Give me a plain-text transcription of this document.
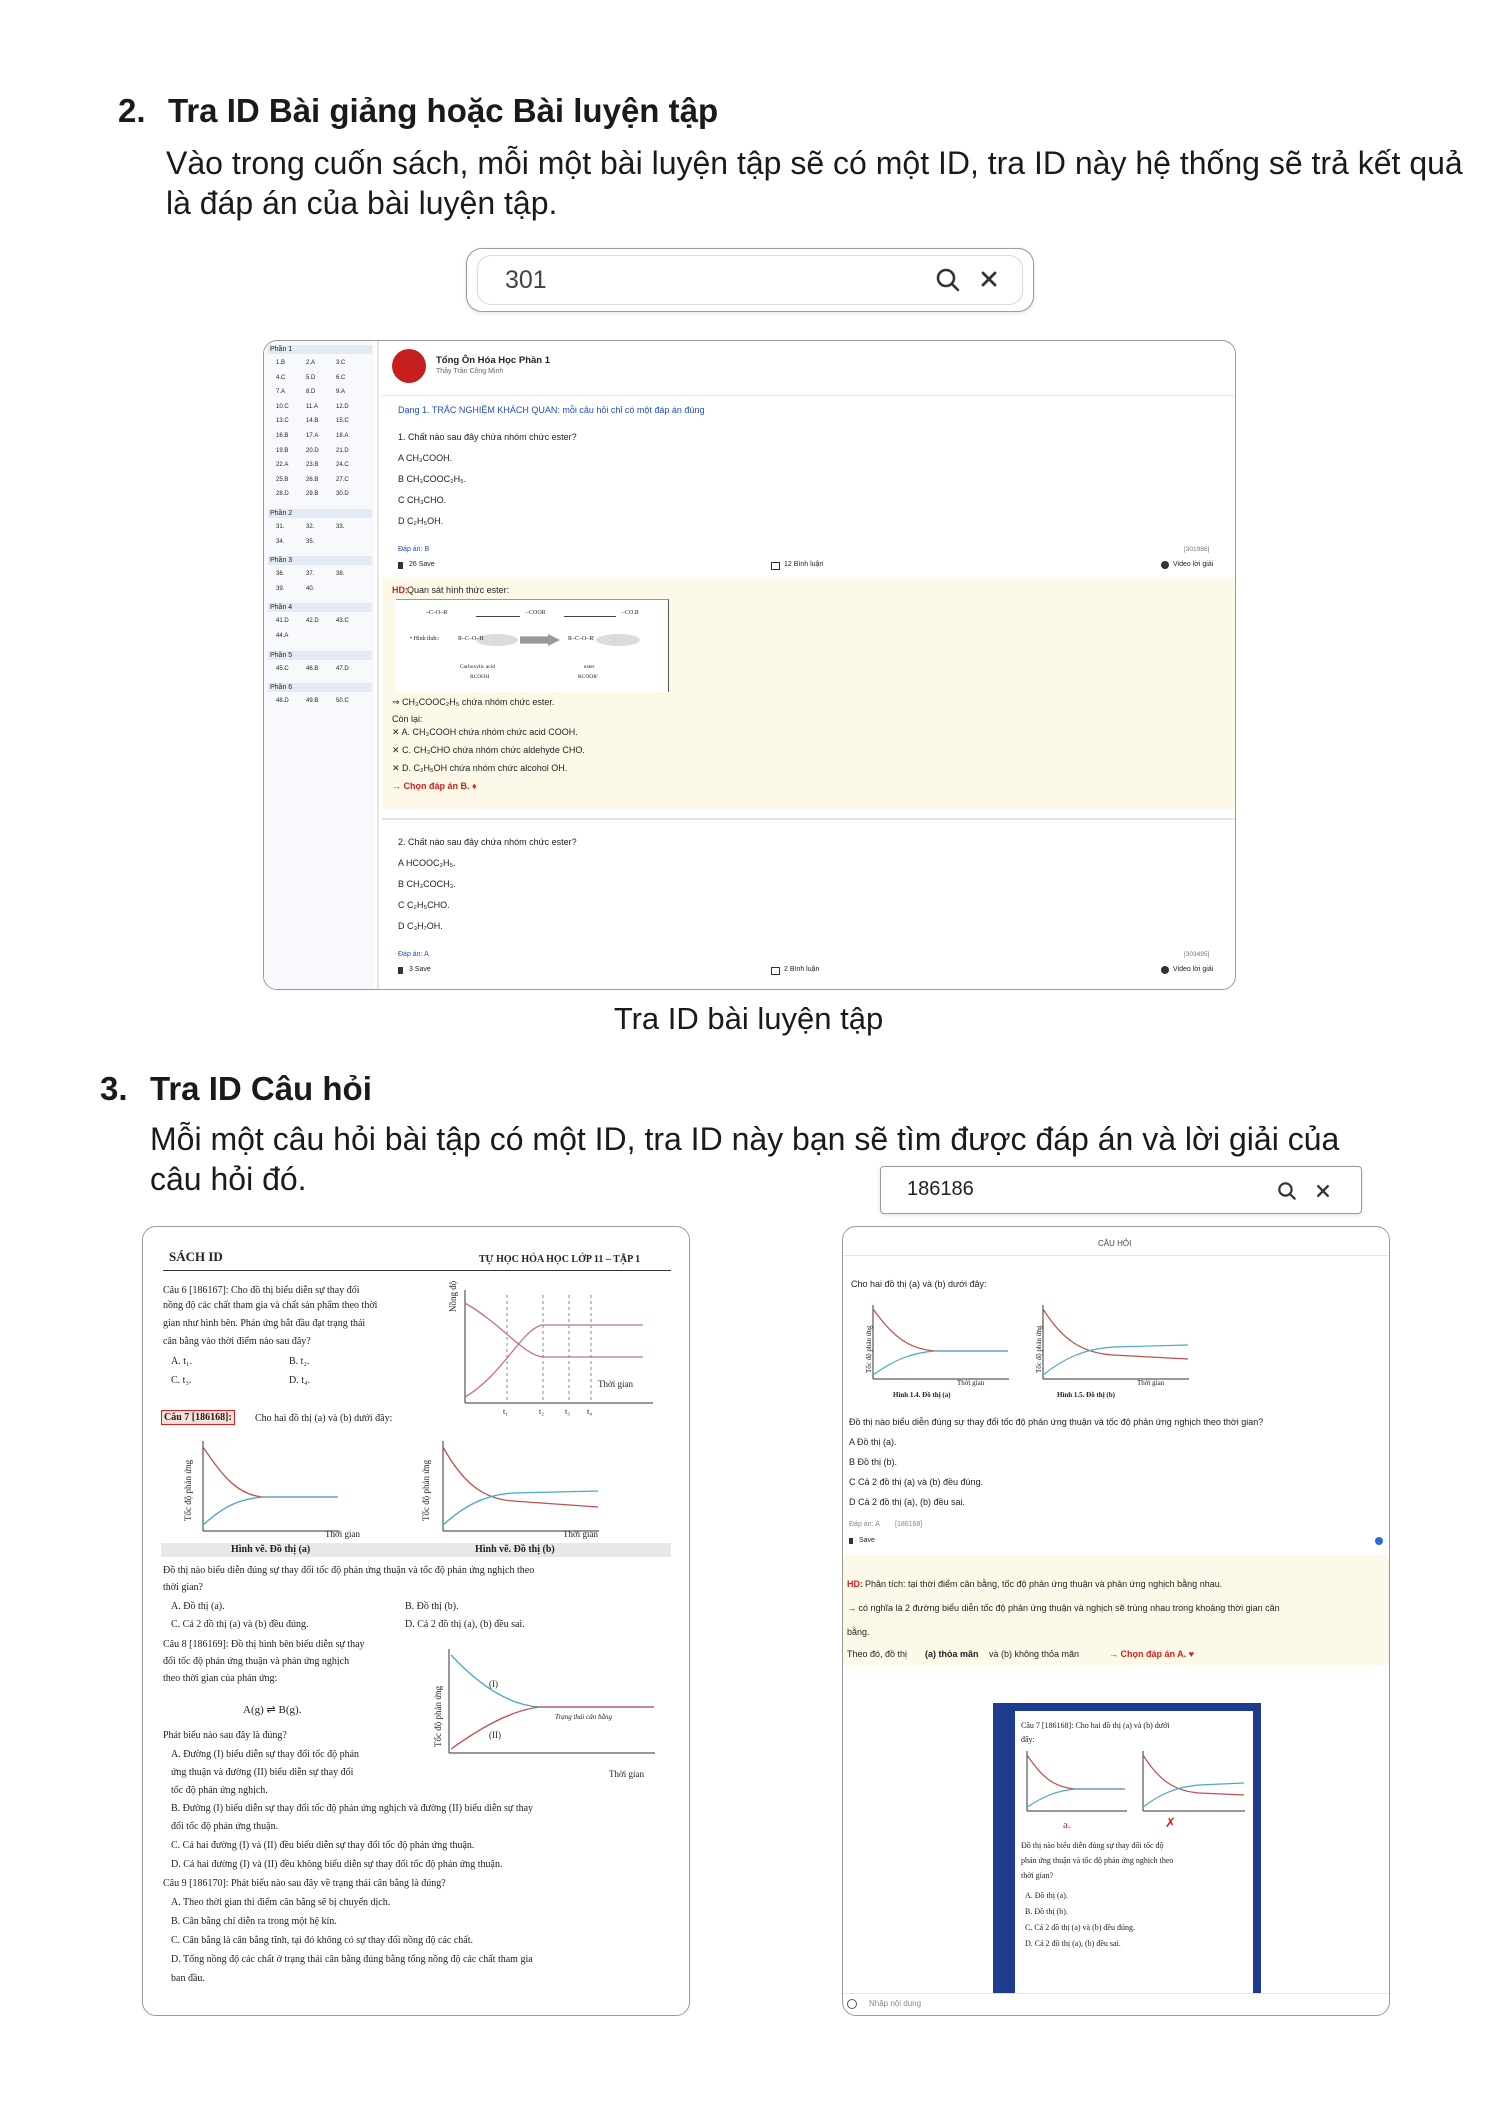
2. Tra ID Bài giảng hoặc Bài luyện tập
Vào trong cuốn sách, mỗi một bài luyện tập sẽ có một ID, tra ID này hệ thống sẽ trả kết quả
là đáp án của bài luyện tập.
301
Phần 1
1.B	2.A	3.C
4.C	5.D	6.C
7.A	8.D	9.A
10.C	11.A	12.D
13.C	14.B	15.C
16.B	17.A	18.A
19.B	20.D	21.D
22.A	23.B	24.C
25.B	26.B	27.C
28.D	29.B	30.D
Phần 2
31.	32.	33.
34.	35.
Phần 3
36.	37.	38.
39.	40.
Phần 4
41.D	42.D	43.C
44.A
Phần 5
45.C	46.B	47.D
Phần 6
48.D	49.B	50.C
Tổng Ôn Hóa Học Phần 1
Thầy Trần Công Minh
Dạng 1. TRẮC NGHIỆM KHÁCH QUAN: mỗi câu hỏi chỉ có một đáp án đúng
1. Chất nào sau đây chứa nhóm chức ester?
A CH₃COOH.
B CH₃COOC₂H₅.
C CH₃CHO.
D C₂H₅OH.
Đáp án: B	[301986]
26 Save	12 Bình luận	Video lời giải
HD: Quan sát hình thức ester:
–C–O–R	–COOR	–CO.R
• Hình thức:	R–C–O–H	R–C–O–R'
Carboxylic acid
RCOOH
ester
RCOOR'
⇒ CH₃COOC₂H₅ chứa nhóm chức ester.
Còn lại:
✕ A. CH₃COOH chứa nhóm chức acid COOH.
✕ C. CH₃CHO chứa nhóm chức aldehyde CHO.
✕ D. C₂H₅OH chứa nhóm chức alcohol OH.
→ Chọn đáp án B. ♦
2. Chất nào sau đây chứa nhóm chức ester?
A HCOOC₂H₅.
B CH₃COCH₃.
C C₂H₅CHO.
D C₃H₇OH.
Đáp án: A	[303495]
3 Save	2 Bình luận	Video lời giải
Tra ID bài luyện tập
3. Tra ID Câu hỏi
Mỗi một câu hỏi bài tập có một ID, tra ID này bạn sẽ tìm được đáp án và lời giải của
câu hỏi đó.	186186
SÁCH ID	TỰ HỌC HÓA HỌC LỚP 11 – TẬP 1
Câu 6 [186167]: Cho đồ thị biểu diễn sự thay đổi
nồng độ các chất tham gia và chất sản phẩm theo thời
gian như hình bên. Phản ứng bắt đầu đạt trạng thái
cân bằng vào thời điểm nào sau đây?
A. t₁.	B. t₂.
C. t₃.	D. t₄.
Nồng độ
Thời gian
t₁	t₂	t₃ t₄
Câu 7 [186168]:	Cho hai đồ thị (a) và (b) dưới đây:
Tốc độ phản ứng	Tốc độ phản ứng
Thời gian	Thời gian
Hình vẽ. Đồ thị (a)	Hình vẽ. Đồ thị (b)
Đồ thị nào biểu diễn đúng sự thay đổi tốc độ phản ứng thuận và tốc độ phản ứng nghịch theo
thời gian?
A. Đồ thị (a).	B. Đồ thị (b).
C. Cả 2 đồ thị (a) và (b) đều đúng.	D. Cả 2 đồ thị (a), (b) đều sai.
Câu 8 [186169]: Đồ thị hình bên biểu diễn sự thay
đổi tốc độ phản ứng thuận và phản ứng nghịch
theo thời gian của phản ứng:
A(g) ⇌ B(g).
Phát biểu nào sau đây là đúng?
(I)
(II)
Trạng thái cân bằng
Tốc độ phản ứng
Thời gian
A. Đường (I) biểu diễn sự thay đổi tốc độ phản
ứng thuận và đường (II) biểu diễn sự thay đổi
tốc độ phản ứng nghịch.
B. Đường (I) biểu diễn sự thay đổi tốc độ phản ứng nghịch và đường (II) biểu diễn sự thay
đổi tốc độ phản ứng thuận.
C. Cả hai đường (I) và (II) đều biểu diễn sự thay đổi tốc độ phản ứng thuận.
D. Cả hai đường (I) và (II) đều không biểu diễn sự thay đổi tốc độ phản ứng thuận.
Câu 9 [186170]: Phát biểu nào sau đây về trạng thái cân bằng là đúng?
A. Theo thời gian thì điểm cân bằng sẽ bị chuyển dịch.
B. Cân bằng chỉ diễn ra trong một hệ kín.
C. Cân bằng là cân bằng tĩnh, tại đó không có sự thay đổi nồng độ các chất.
D. Tổng nồng độ các chất ở trạng thái cân bằng đúng bằng tổng nồng độ các chất tham gia
ban đầu.
CÂU HỎI
Cho hai đồ thị (a) và (b) dưới đây:
Tốc độ phản ứng	Tốc độ phản ứng
Thời gian	Thời gian
Hình 1.4. Đồ thị (a)	Hình 1.5. Đồ thị (b)
Đồ thị nào biểu diễn đúng sự thay đổi tốc độ phản ứng thuận và tốc độ phản ứng nghịch theo thời gian?
A Đồ thị (a).
B Đồ thị (b).
C Cả 2 đồ thị (a) và (b) đều đúng.
D Cả 2 đồ thị (a), (b) đều sai.
Đáp án: A [186168]
Save
HD: Phân tích: tại thời điểm cân bằng, tốc độ phản ứng thuận và phản ứng nghịch bằng nhau.
→ có nghĩa là 2 đường biểu diễn tốc độ phản ứng thuận và nghịch sẽ trùng nhau trong khoảng thời gian cân
bằng.
Theo đó, đồ thị (a) thỏa mãn và (b) không thỏa mãn	→ Chọn đáp án A. ♥
Câu 7 [186168]: Cho hai đồ thị (a) và (b) dưới
đây:
a.	✗
Đồ thị nào biểu diễn đúng sự thay đổi tốc độ
phản ứng thuận và tốc độ phản ứng nghịch theo
thời gian?
A. Đồ thị (a).
B. Đồ thị (b).
C. Cả 2 đồ thị (a) và (b) đều đúng.
D. Cả 2 đồ thị (a), (b) đều sai.
Nhập nội dung
